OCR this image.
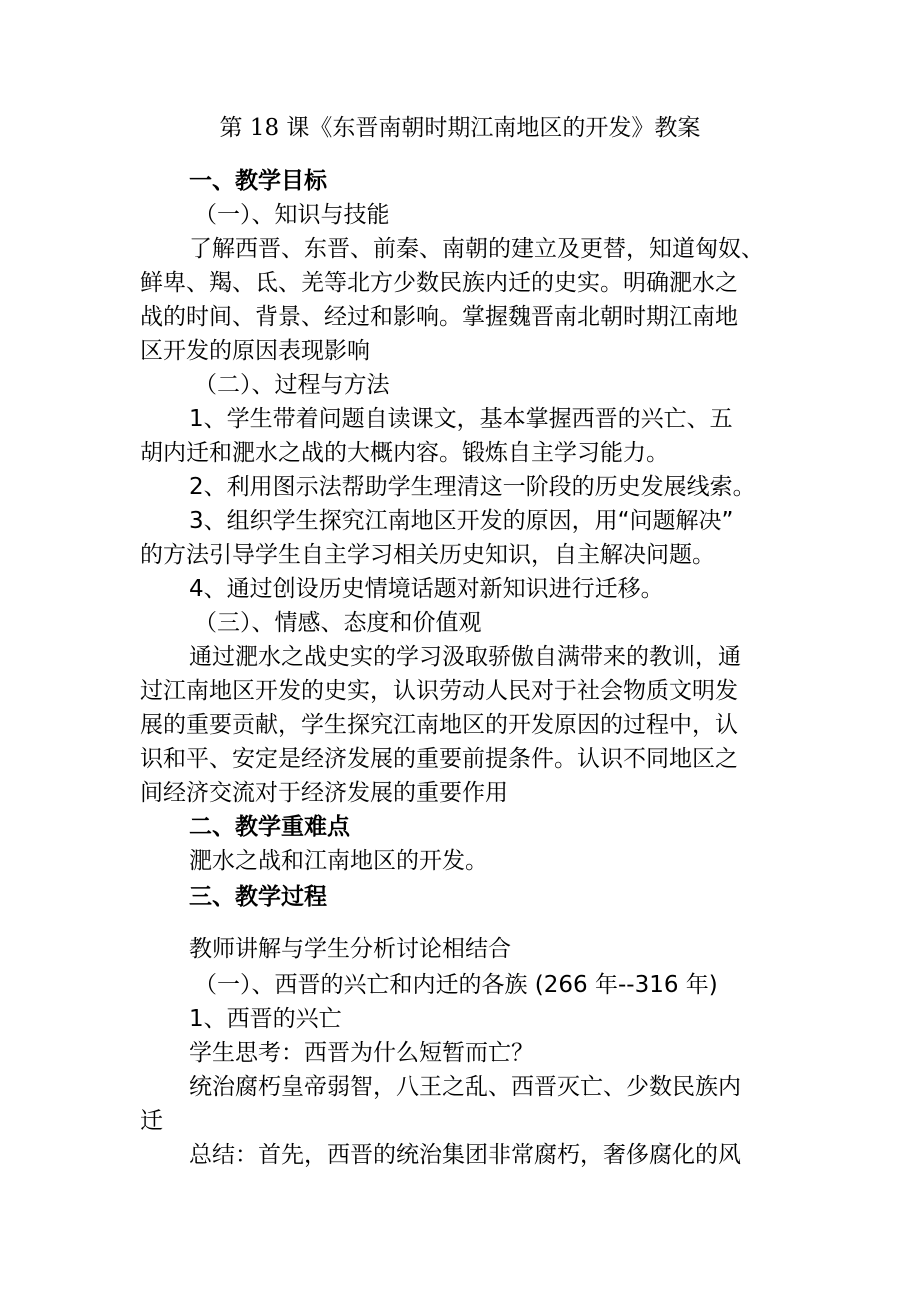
第 18 课《东晋南朝时期江南地区的开发》教案
一、教学目标
（一）、知识与技能
了解西晋、东晋、前秦、南朝的建立及更替，知道匈奴、
鲜卑、羯、氐、羌等北方少数民族内迁的史实。明确淝水之
战的时间、背景、经过和影响。掌握魏晋南北朝时期江南地
区开发的原因表现影响
（二）、过程与方法
1、学生带着问题自读课文，基本掌握西晋的兴亡、五
胡内迁和淝水之战的大概内容。锻炼自主学习能力。
2、利用图示法帮助学生理清这一阶段的历史发展线索。
3、组织学生探究江南地区开发的原因，用“问题解决”
的方法引导学生自主学习相关历史知识，自主解决问题。
4、通过创设历史情境话题对新知识进行迁移。
（三）、情感、态度和价值观
通过淝水之战史实的学习汲取骄傲自满带来的教训，通
过江南地区开发的史实，认识劳动人民对于社会物质文明发
展的重要贡献，学生探究江南地区的开发原因的过程中，认
识和平、安定是经济发展的重要前提条件。认识不同地区之
间经济交流对于经济发展的重要作用
二、教学重难点
淝水之战和江南地区的开发。
三、教学过程
教师讲解与学生分析讨论相结合
（一）、西晋的兴亡和内迁的各族 (266 年--316 年)
1、西晋的兴亡
学生思考：西晋为什么短暂而亡？
统治腐朽皇帝弱智，八王之乱、西晋灭亡、少数民族内
迁
总结：首先，西晋的统治集团非常腐朽，奢侈腐化的风
